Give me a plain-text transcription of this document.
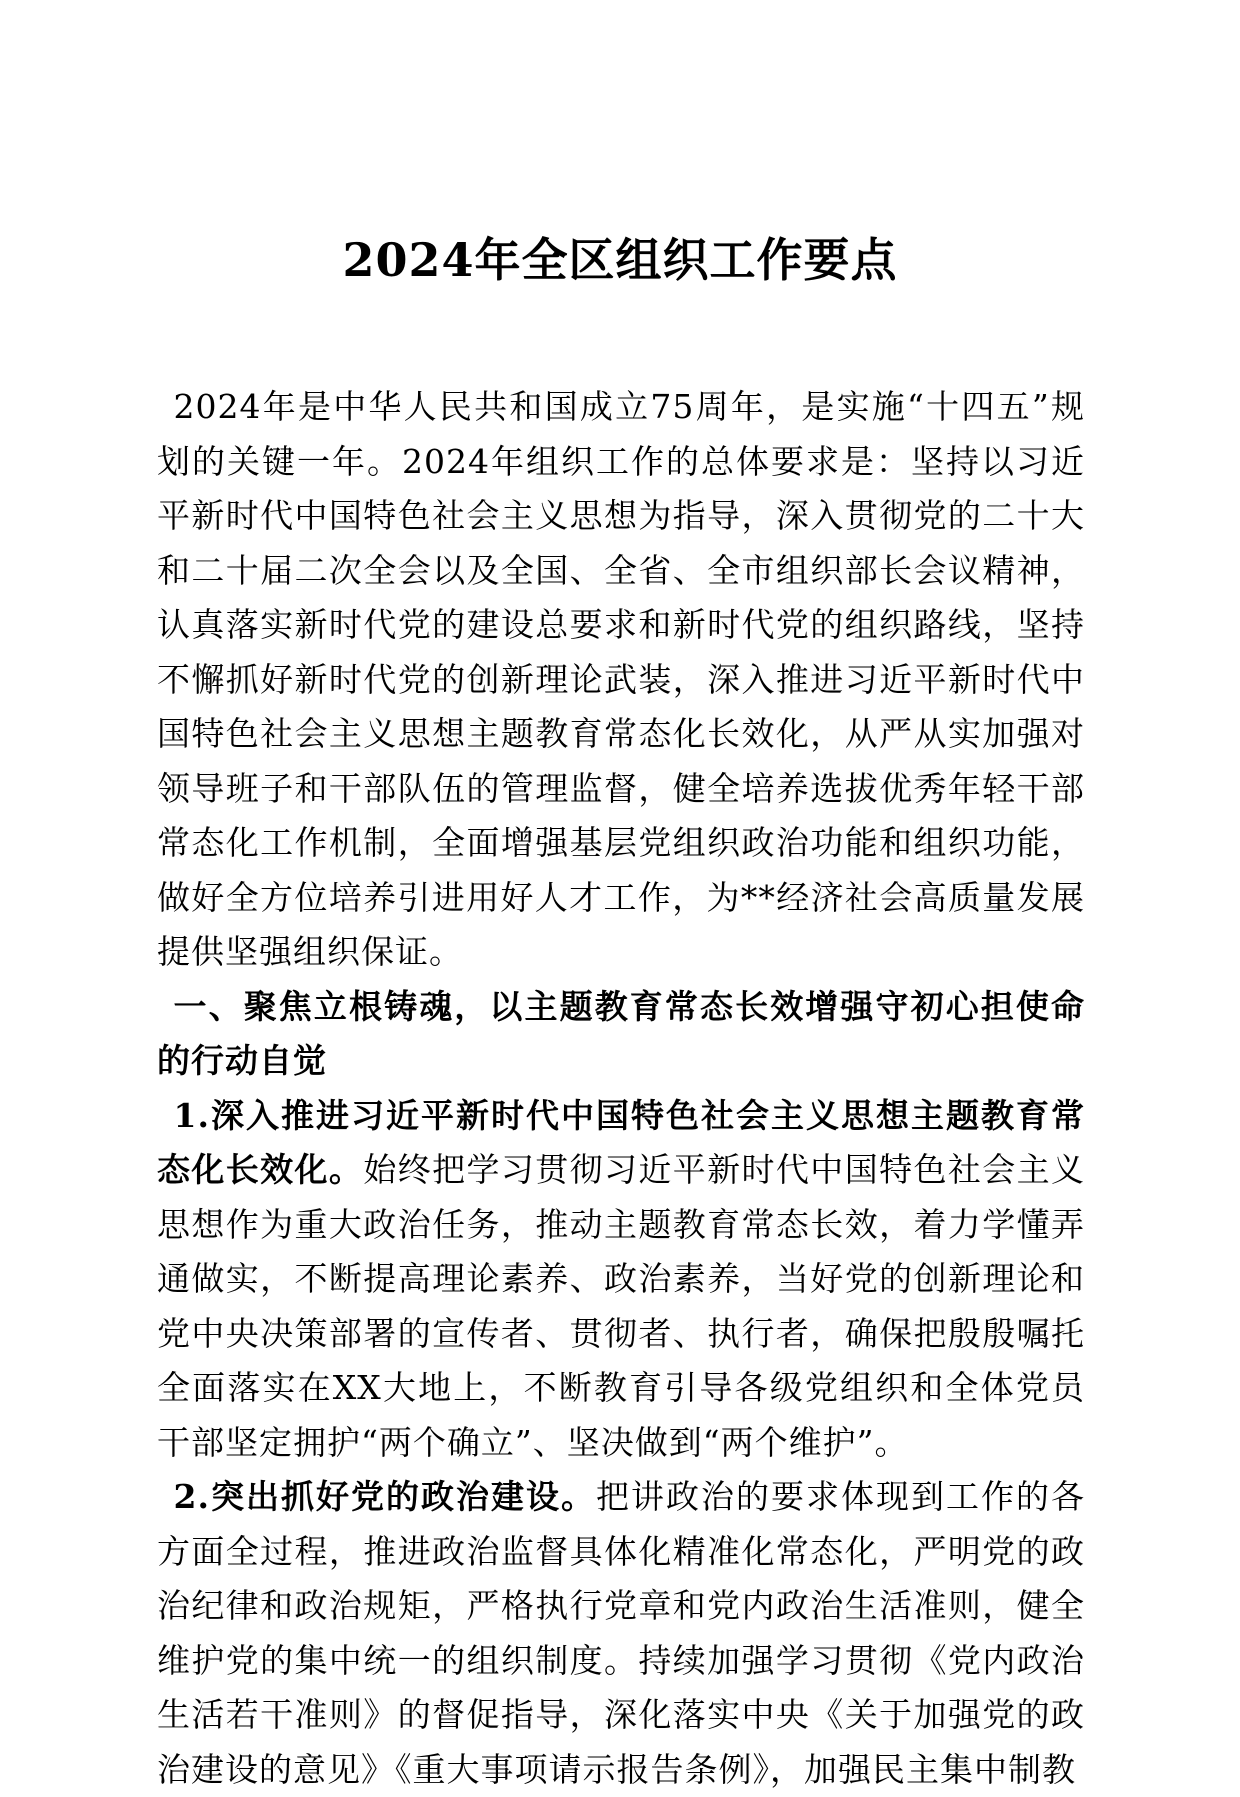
2024年全区组织工作要点

2024年是中华人民共和国成立75周年，是实施“十四五”规划的关键一年。2024年组织工作的总体要求是：坚持以习近平新时代中国特色社会主义思想为指导，深入贯彻党的二十大和二十届二次全会以及全国、全省、全市组织部长会议精神，认真落实新时代党的建设总要求和新时代党的组织路线，坚持不懈抓好新时代党的创新理论武装，深入推进习近平新时代中国特色社会主义思想主题教育常态化长效化，从严从实加强对领导班子和干部队伍的管理监督，健全培养选拔优秀年轻干部常态化工作机制，全面增强基层党组织政治功能和组织功能，做好全方位培养引进用好人才工作，为**经济社会高质量发展提供坚强组织保证。

一、聚焦立根铸魂，以主题教育常态长效增强守初心担使命的行动自觉

1.深入推进习近平新时代中国特色社会主义思想主题教育常态化长效化。始终把学习贯彻习近平新时代中国特色社会主义思想作为重大政治任务，推动主题教育常态长效，着力学懂弄通做实，不断提高理论素养、政治素养，当好党的创新理论和党中央决策部署的宣传者、贯彻者、执行者，确保把殷殷嘱托全面落实在XX大地上，不断教育引导各级党组织和全体党员干部坚定拥护“两个确立”、坚决做到“两个维护”。

2.突出抓好党的政治建设。把讲政治的要求体现到工作的各方面全过程，推进政治监督具体化精准化常态化，严明党的政治纪律和政治规矩，严格执行党章和党内政治生活准则，健全维护党的集中统一的组织制度。持续加强学习贯彻《党内政治生活若干准则》的督促指导，深化落实中央《关于加强党的政治建设的意见》《重大事项请示报告条例》，加强民主集中制教
